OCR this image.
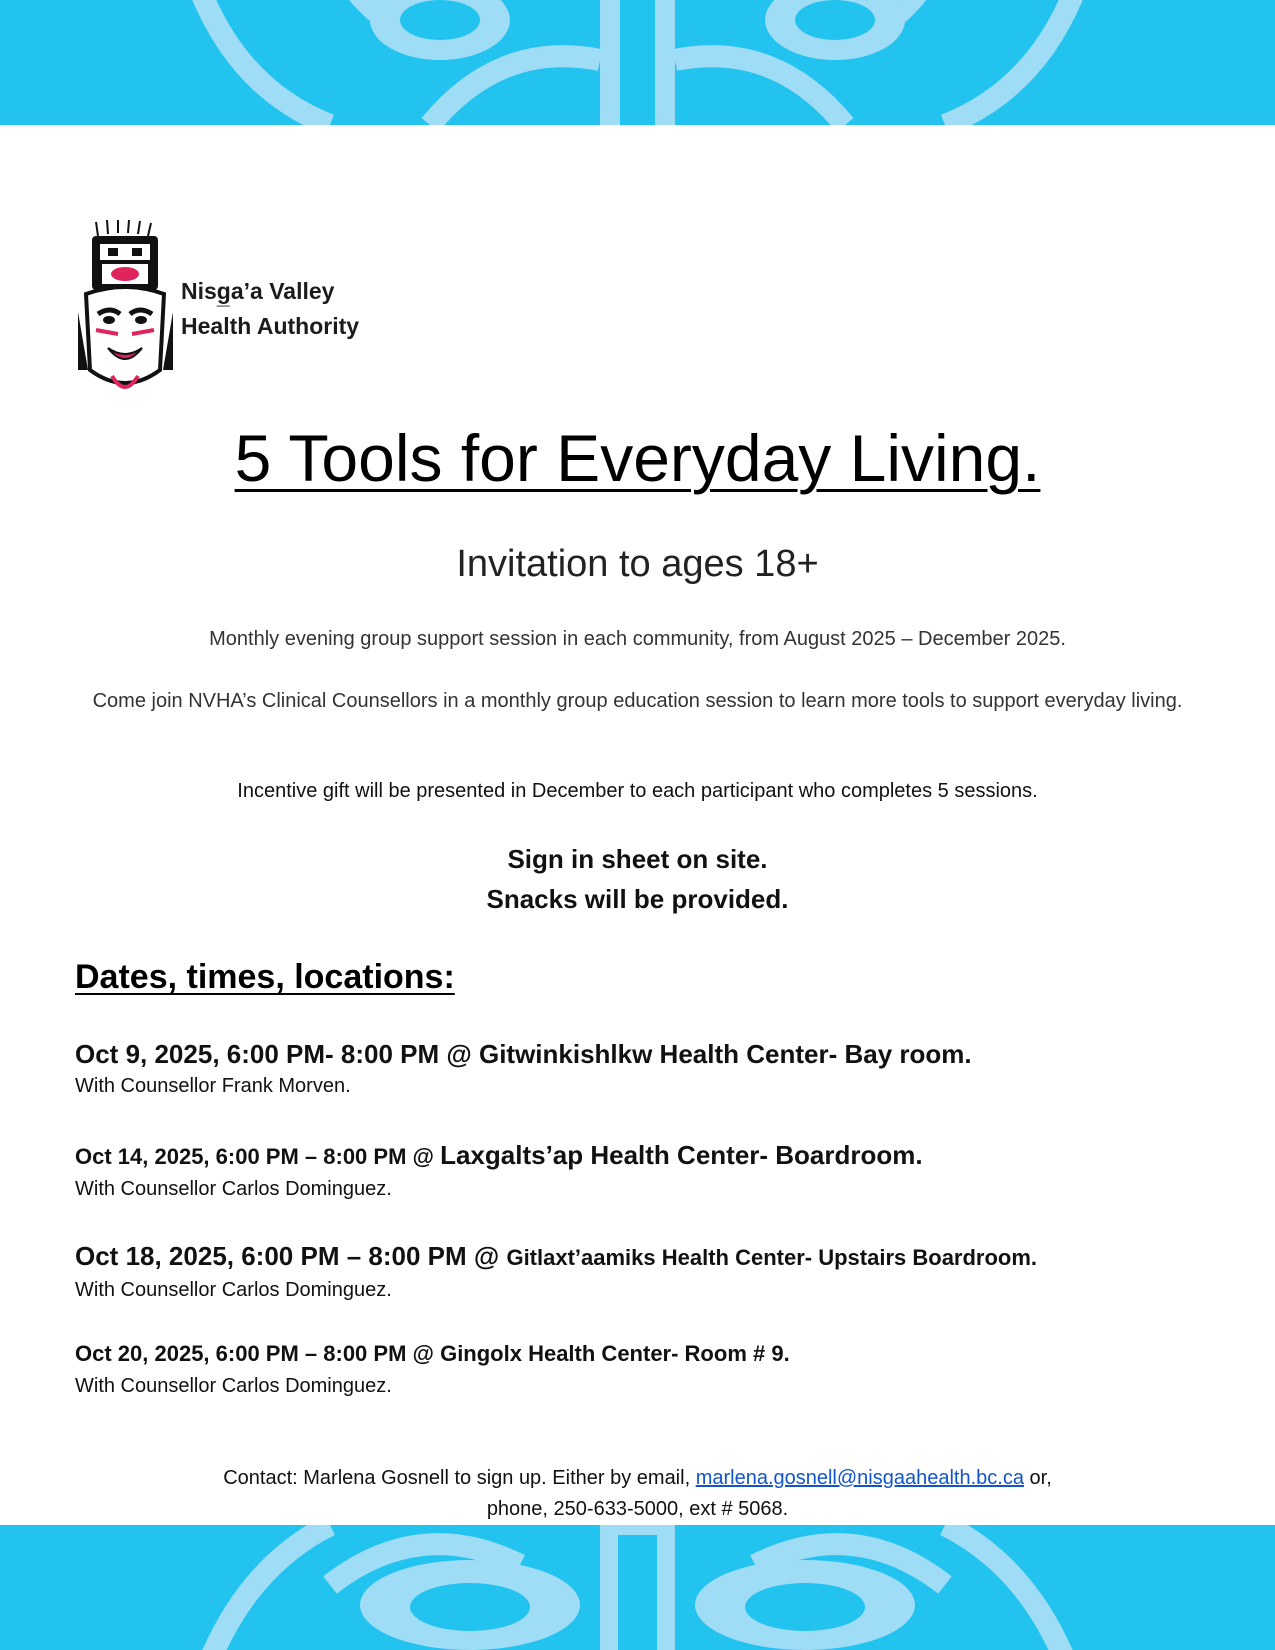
Nisg̲a’a Valley
Health Authority
5 Tools for Everyday Living.
Invitation to ages 18+
Monthly evening group support session in each community, from August 2025 – December 2025.
Come join NVHA’s Clinical Counsellors in a monthly group education session to learn more tools to support everyday living.
Incentive gift will be presented in December to each participant who completes 5 sessions.
Sign in sheet on site.
Snacks will be provided.
Dates, times, locations:
Oct 9, 2025, 6:00 PM- 8:00 PM @ Gitwinkishlkw Health Center- Bay room.
With Counsellor Frank Morven.
Oct 14, 2025, 6:00 PM – 8:00 PM @ Laxgalts’ap Health Center- Boardroom.
With Counsellor Carlos Dominguez.
Oct 18, 2025, 6:00 PM – 8:00 PM @ Gitlaxt’aamiks Health Center- Upstairs Boardroom.
With Counsellor Carlos Dominguez.
Oct 20, 2025, 6:00 PM – 8:00 PM @ Gingolx Health Center- Room # 9.
With Counsellor Carlos Dominguez.
Contact: Marlena Gosnell to sign up. Either by email, marlena.gosnell@nisgaahealth.bc.ca or,
phone, 250-633-5000, ext # 5068.
